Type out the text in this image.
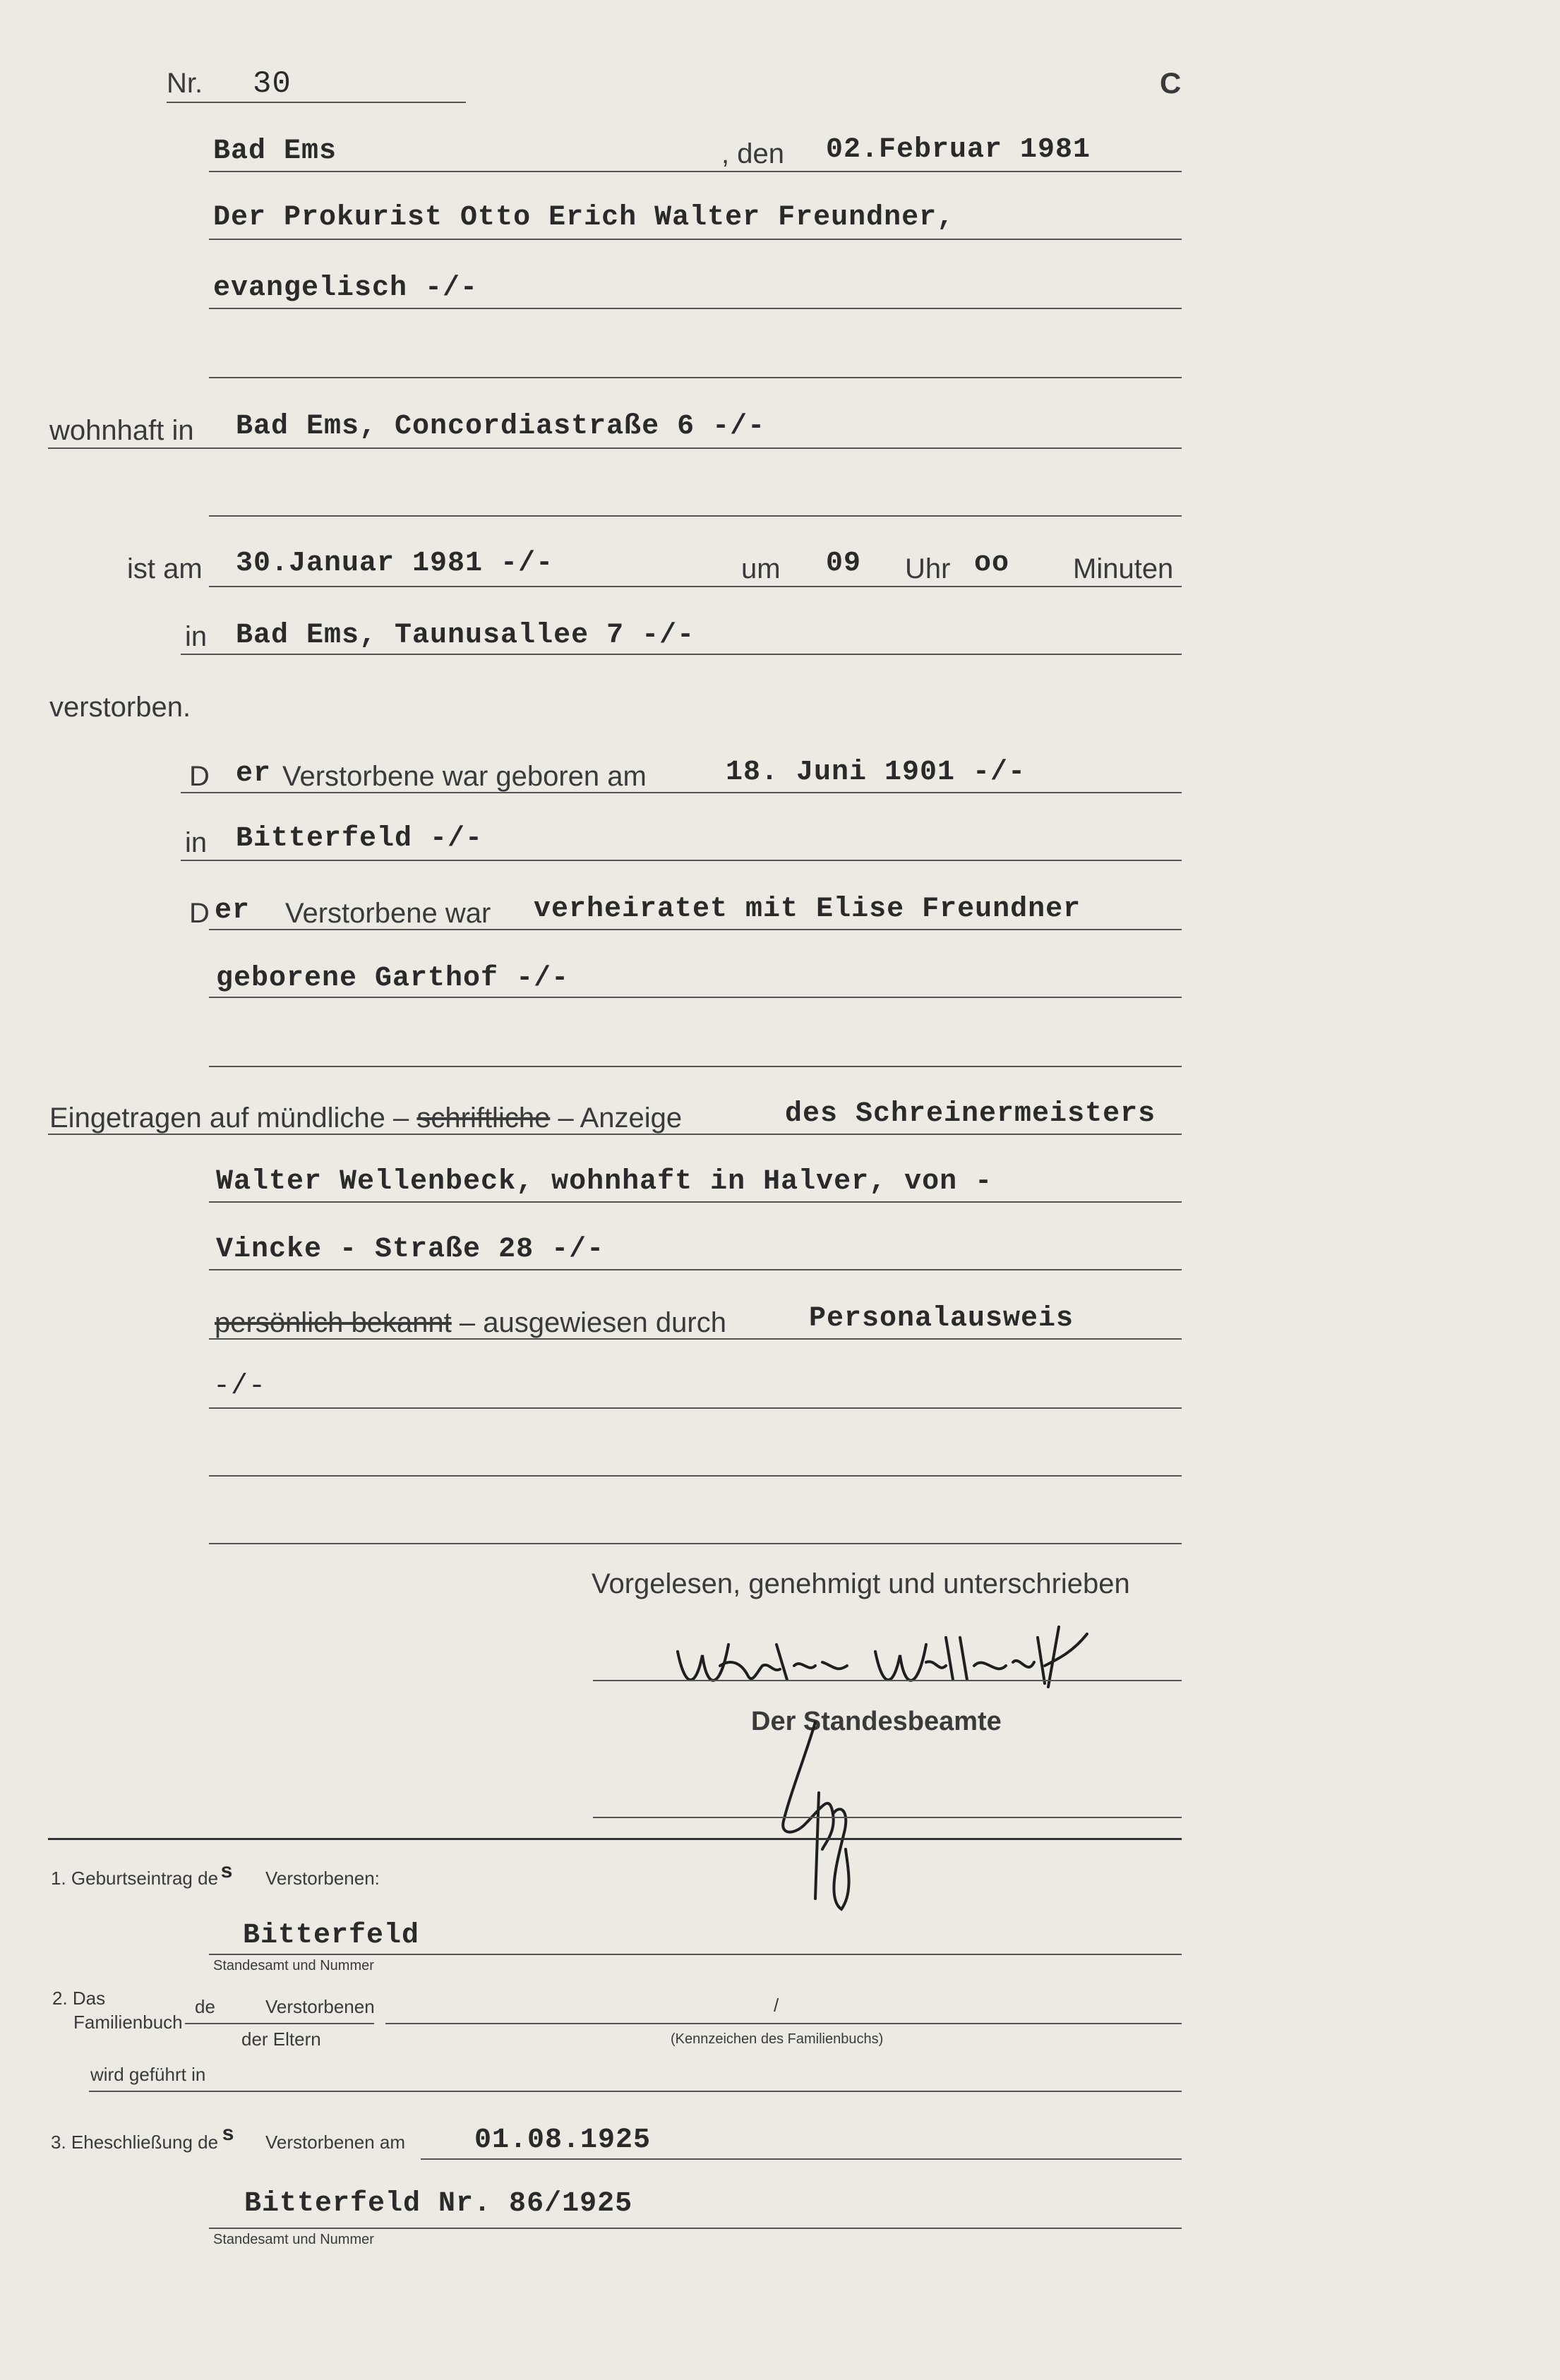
Nr. 30	C
Bad Ems	, den 02.Februar 1981
Der Prokurist Otto Erich Walter Freundner,
evangelisch -/-
wohnhaft in Bad Ems, Concordiastraße 6 -/-
ist am 30.Januar 1981 -/-	um 09 Uhr oo Minuten
in Bad Ems, Taunusallee 7 -/-
verstorben.
D er Verstorbene war geboren am	18. Juni 1901 -/-
in Bitterfeld -/-
D er Verstorbene war verheiratet mit Elise Freundner
geborene Garthof -/-
Eingetragen auf mündliche – schriftliche – Anzeige	des Schreinermeisters
Walter Wellenbeck, wohnhaft in Halver, von -
Vincke - Straße 28 -/-
persönlich bekannt – ausgewiesen durch	Personalausweis
-/-
Vorgelesen, genehmigt und unterschrieben
Der Standesbeamte
1. Geburtseintrag de s Verstorbenen:
Bitterfeld
Standesamt und Nummer
2. Das
Familienbuch
de	Verstorbenen
der Eltern
/
(Kennzeichen des Familienbuchs)
wird geführt in
3. Eheschließung de s Verstorbenen am 01.08.1925
Bitterfeld Nr. 86/1925
Standesamt und Nummer
